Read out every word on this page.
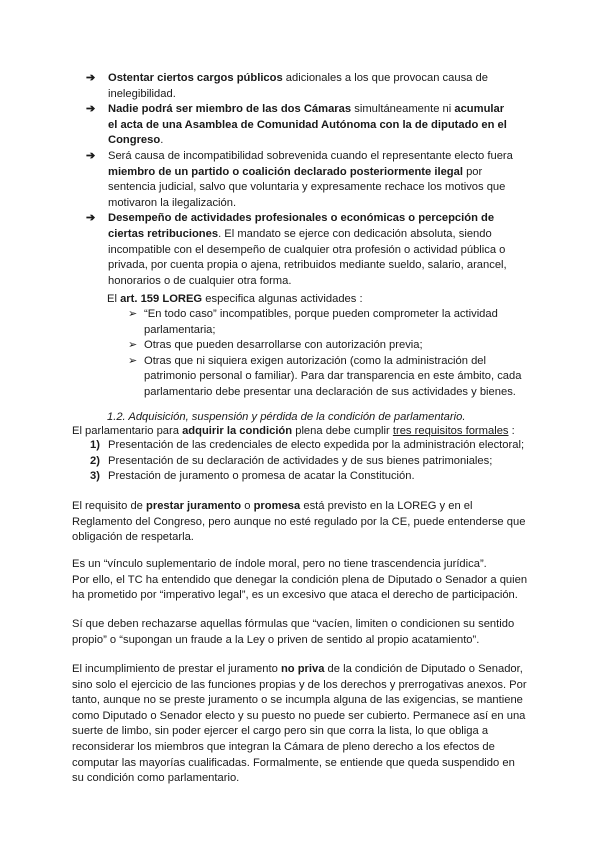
➔ Ostentar ciertos cargos públicos adicionales a los que provocan causa de inelegibilidad.

➔ Nadie podrá ser miembro de las dos Cámaras simultáneamente ni acumular el acta de una Asamblea de Comunidad Autónoma con la de diputado en el Congreso.

➔ Será causa de incompatibilidad sobrevenida cuando el representante electo fuera miembro de un partido o coalición declarado posteriormente ilegal por sentencia judicial, salvo que voluntaria y expresamente rechace los motivos que motivaron la ilegalización.

➔ Desempeño de actividades profesionales o económicas o percepción de ciertas retribuciones. El mandato se ejerce con dedicación absoluta, siendo incompatible con el desempeño de cualquier otra profesión o actividad pública o privada, por cuenta propia o ajena, retribuidos mediante sueldo, salario, arancel, honorarios o de cualquier otra forma.

El art. 159 LOREG especifica algunas actividades :

➢ “En todo caso” incompatibles, porque pueden comprometer la actividad parlamentaria;

➢ Otras que pueden desarrollarse con autorización previa;

➢ Otras que ni siquiera exigen autorización (como la administración del patrimonio personal o familiar). Para dar transparencia en este ámbito, cada parlamentario debe presentar una declaración de sus actividades y bienes.

1.2. Adquisición, suspensión y pérdida de la condición de parlamentario.

El parlamentario para adquirir la condición plena debe cumplir tres requisitos formales :

1) Presentación de las credenciales de electo expedida por la administración electoral;

2) Presentación de su declaración de actividades y de sus bienes patrimoniales;

3) Prestación de juramento o promesa de acatar la Constitución.

El requisito de prestar juramento o promesa está previsto en la LOREG y en el Reglamento del Congreso, pero aunque no esté regulado por la CE, puede entenderse que obligación de respetarla.

Es un “vínculo suplementario de índole moral, pero no tiene trascendencia jurídica”.

Por ello, el TC ha entendido que denegar la condición plena de Diputado o Senador a quien ha prometido por “imperativo legal”, es un excesivo que ataca el derecho de participación.

Sí que deben rechazarse aquellas fórmulas que “vacíen, limiten o condicionen su sentido propio” o “supongan un fraude a la Ley o priven de sentido al propio acatamiento”.

El incumplimiento de prestar el juramento no priva de la condición de Diputado o Senador, sino solo el ejercicio de las funciones propias y de los derechos y prerrogativas anexos. Por tanto, aunque no se preste juramento o se incumpla alguna de las exigencias, se mantiene como Diputado o Senador electo y su puesto no puede ser cubierto. Permanece así en una suerte de limbo, sin poder ejercer el cargo pero sin que corra la lista, lo que obliga a reconsiderar los miembros que integran la Cámara de pleno derecho a los efectos de computar las mayorías cualificadas. Formalmente, se entiende que queda suspendido en su condición como parlamentario.
